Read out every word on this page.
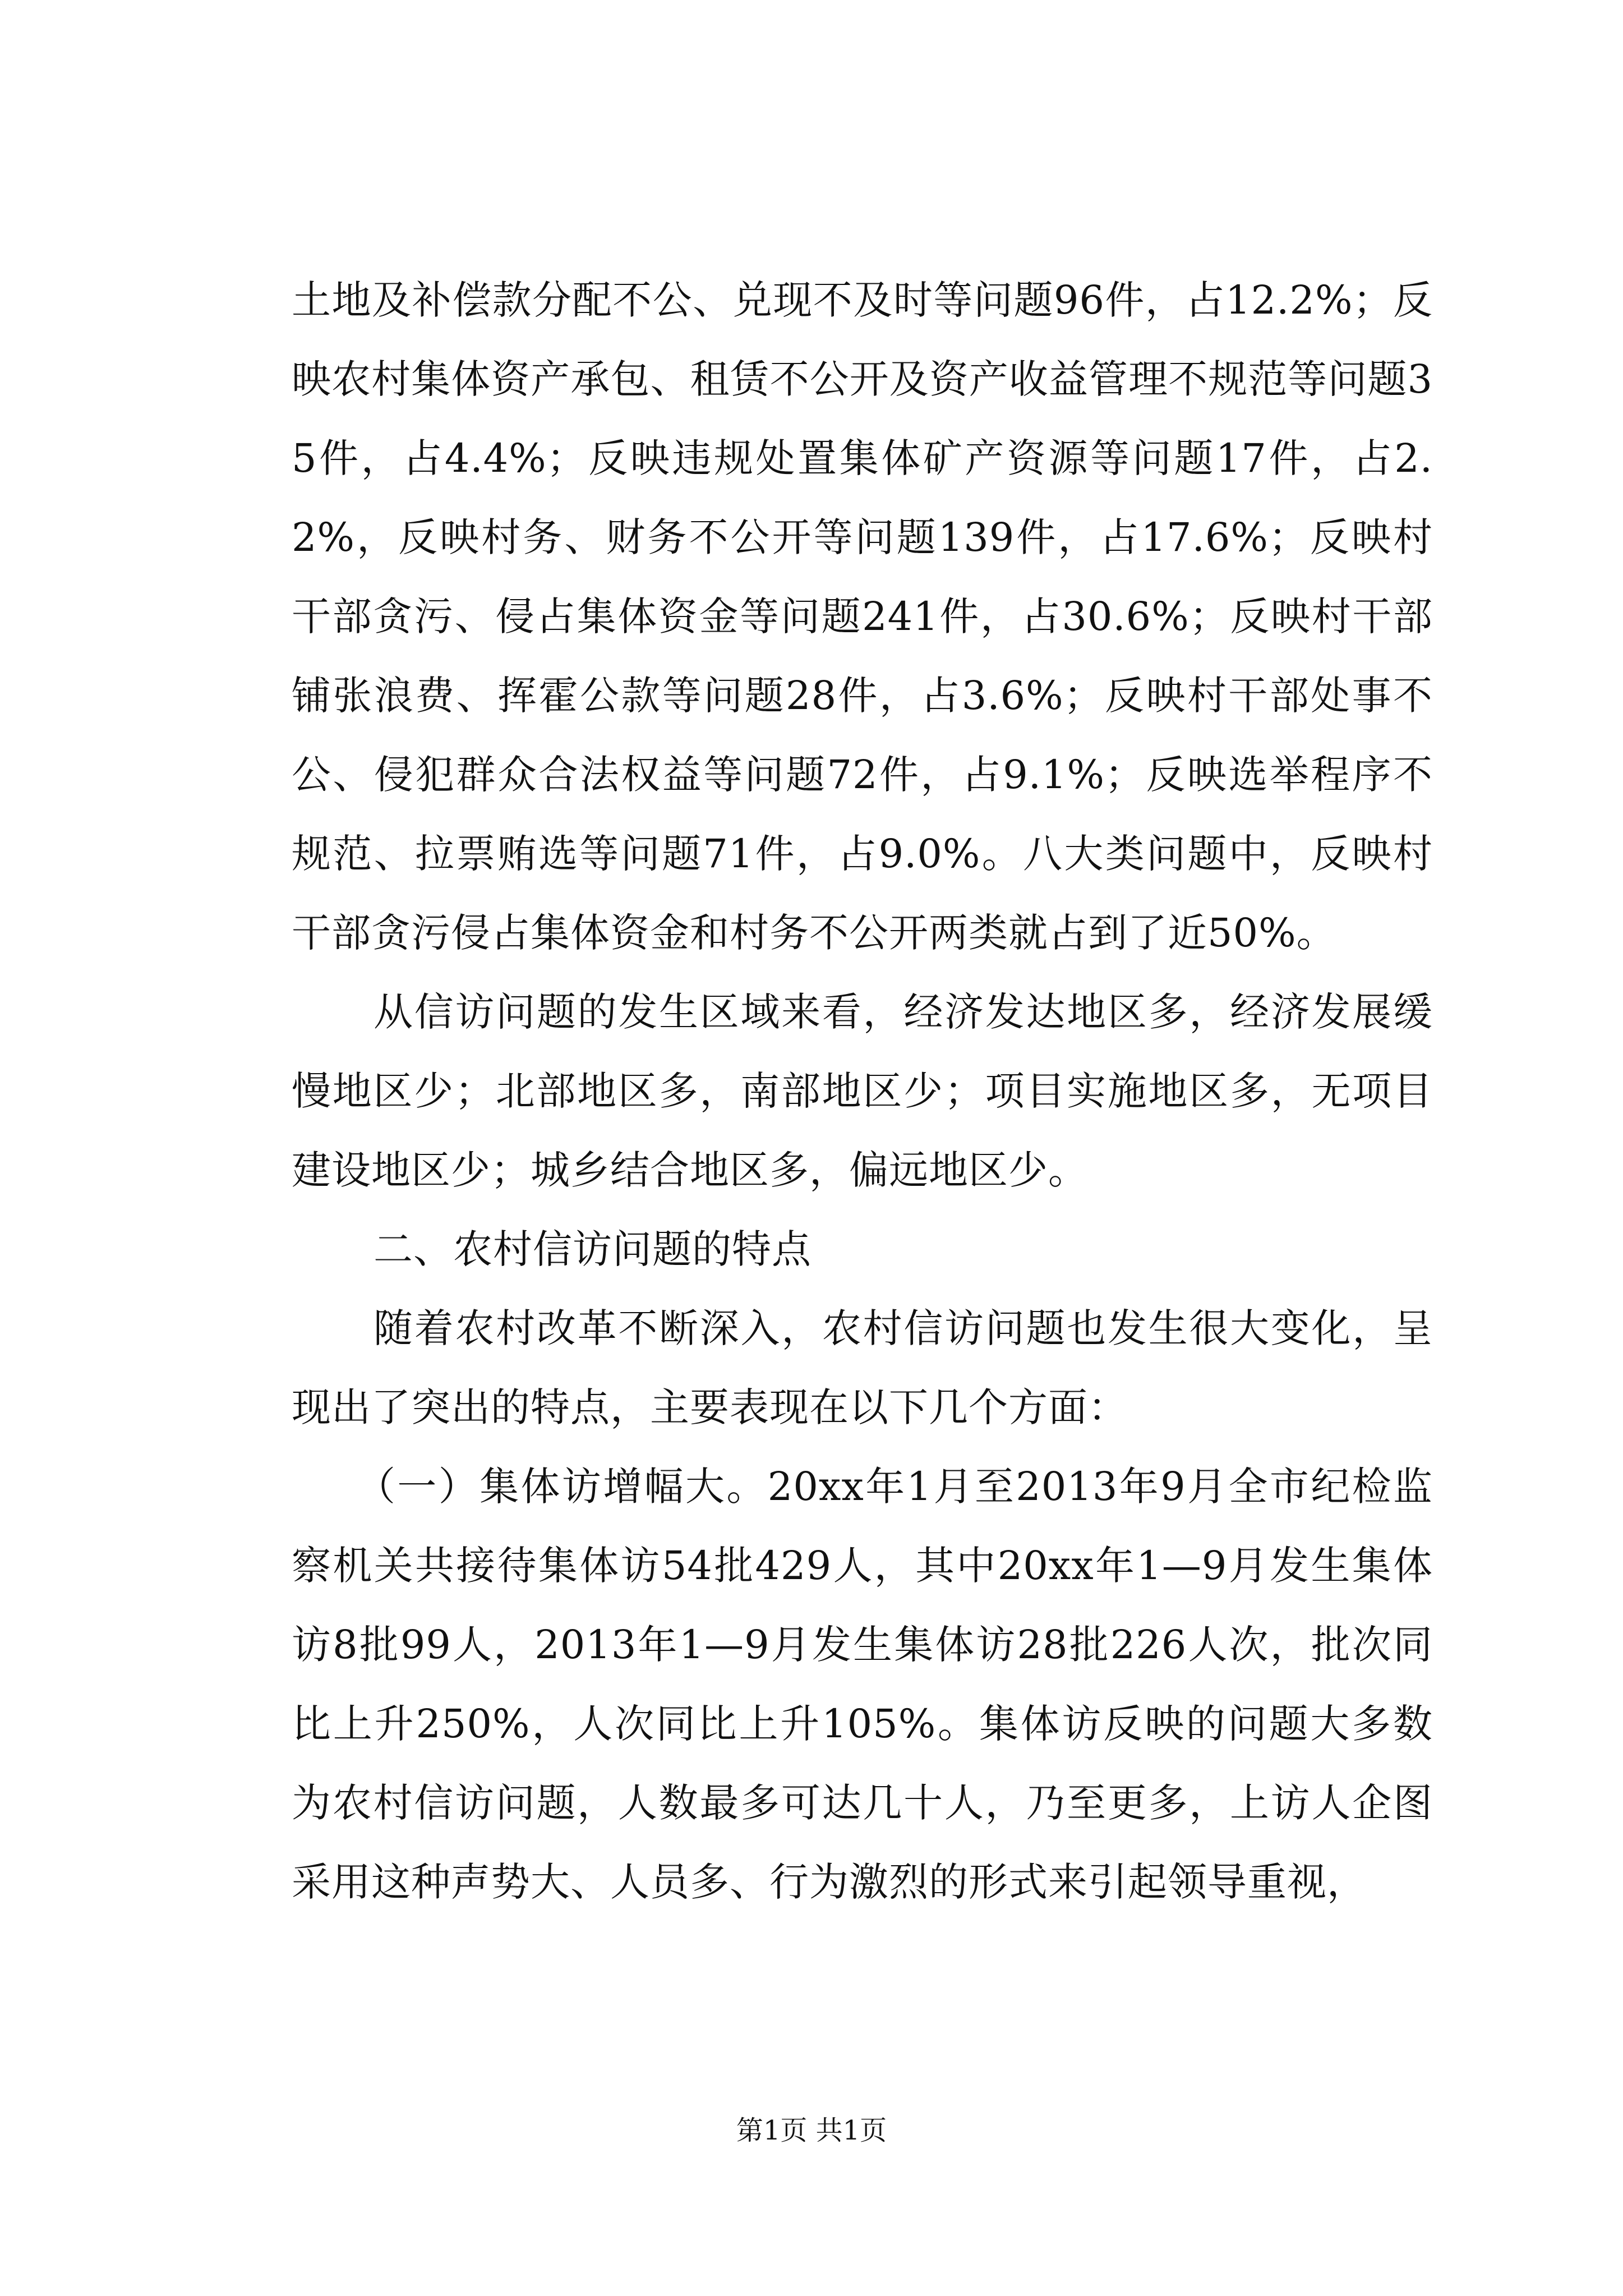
土地及补偿款分配不公、兑现不及时等问题96件，占12.2%；反映农村集体资产承包、租赁不公开及资产收益管理不规范等问题35件，占4.4%；反映违规处置集体矿产资源等问题17件，占2.2%，反映村务、财务不公开等问题139件，占17.6%；反映村干部贪污、侵占集体资金等问题241件，占30.6%；反映村干部铺张浪费、挥霍公款等问题28件，占3.6%；反映村干部处事不公、侵犯群众合法权益等问题72件，占9.1%；反映选举程序不规范、拉票贿选等问题71件，占9.0%。八大类问题中，反映村干部贪污侵占集体资金和村务不公开两类就占到了近50%。

从信访问题的发生区域来看，经济发达地区多，经济发展缓慢地区少；北部地区多，南部地区少；项目实施地区多，无项目建设地区少；城乡结合地区多，偏远地区少。

二、农村信访问题的特点

随着农村改革不断深入，农村信访问题也发生很大变化，呈现出了突出的特点，主要表现在以下几个方面：

（一）集体访增幅大。20xx年1月至2013年9月全市纪检监察机关共接待集体访54批429人，其中20xx年1—9月发生集体访8批99人，2013年1—9月发生集体访28批226人次，批次同比上升250%，人次同比上升105%。集体访反映的问题大多数为农村信访问题，人数最多可达几十人，乃至更多，上访人企图采用这种声势大、人员多、行为激烈的形式来引起领导重视，

第1页 共1页
